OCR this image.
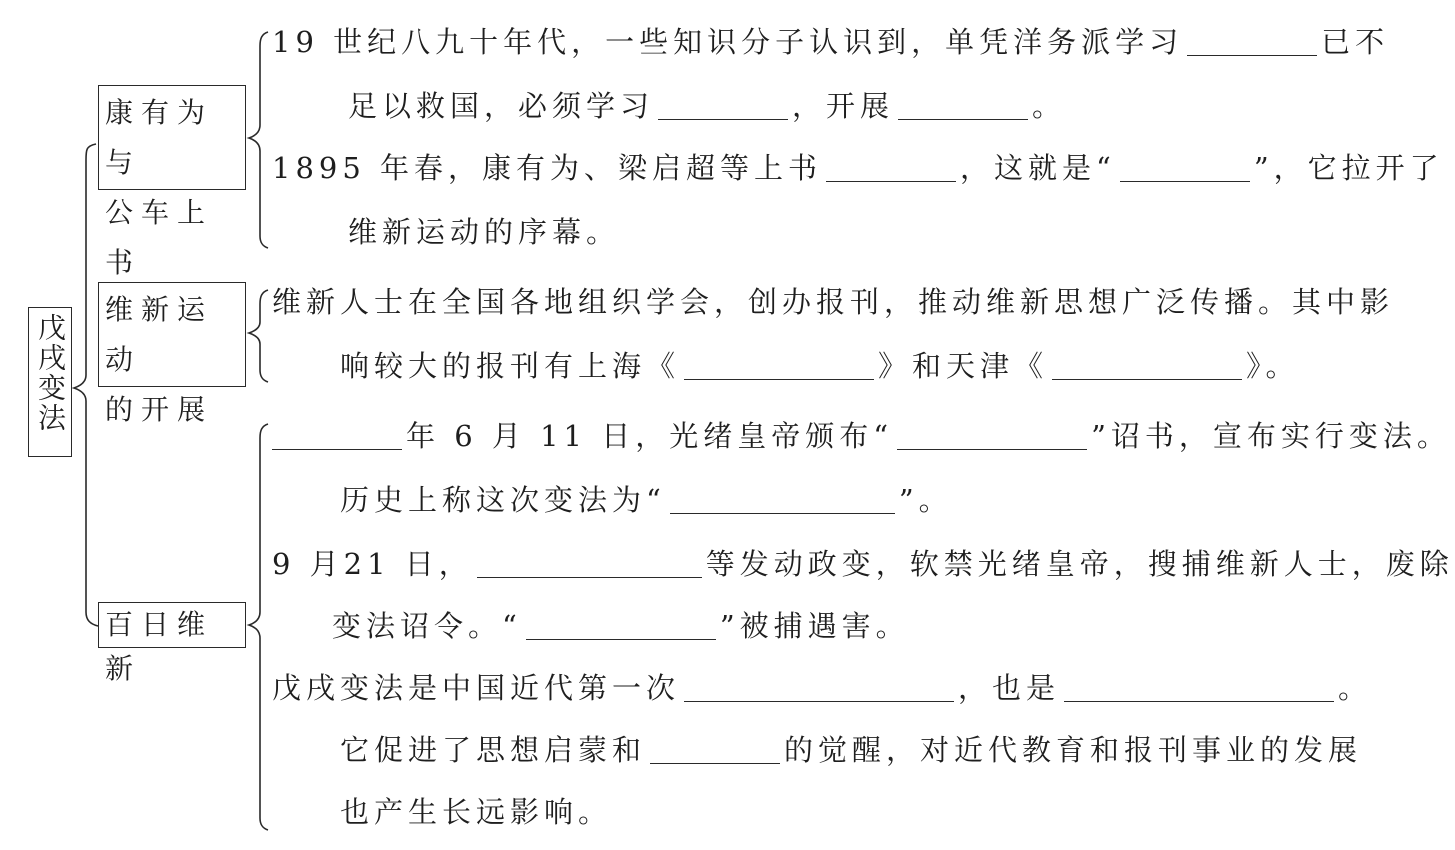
戊戌变法
康有为与
公车上书
维新运动
的开展
百日维新
19 世纪八九十年代，一些知识分子认识到，单凭洋务派学习	已不
足以救国，必须学习	，开展	。
1895 年春，康有为、梁启超等上书	，这就是“	”，它拉开了
维新运动的序幕。
维新人士在全国各地组织学会，创办报刊，推动维新思想广泛传播。其中影
响较大的报刊有上海《	》和天津《	》。
年 6 月 11 日，光绪皇帝颁布“	”诏书，宣布实行变法。
历史上称这次变法为“	”。
9 月21 日，	等发动政变，软禁光绪皇帝，搜捕维新人士，废除
变法诏令。“	”被捕遇害。
戊戌变法是中国近代第一次	，也是	。
它促进了思想启蒙和	的觉醒，对近代教育和报刊事业的发展
也产生长远影响。
